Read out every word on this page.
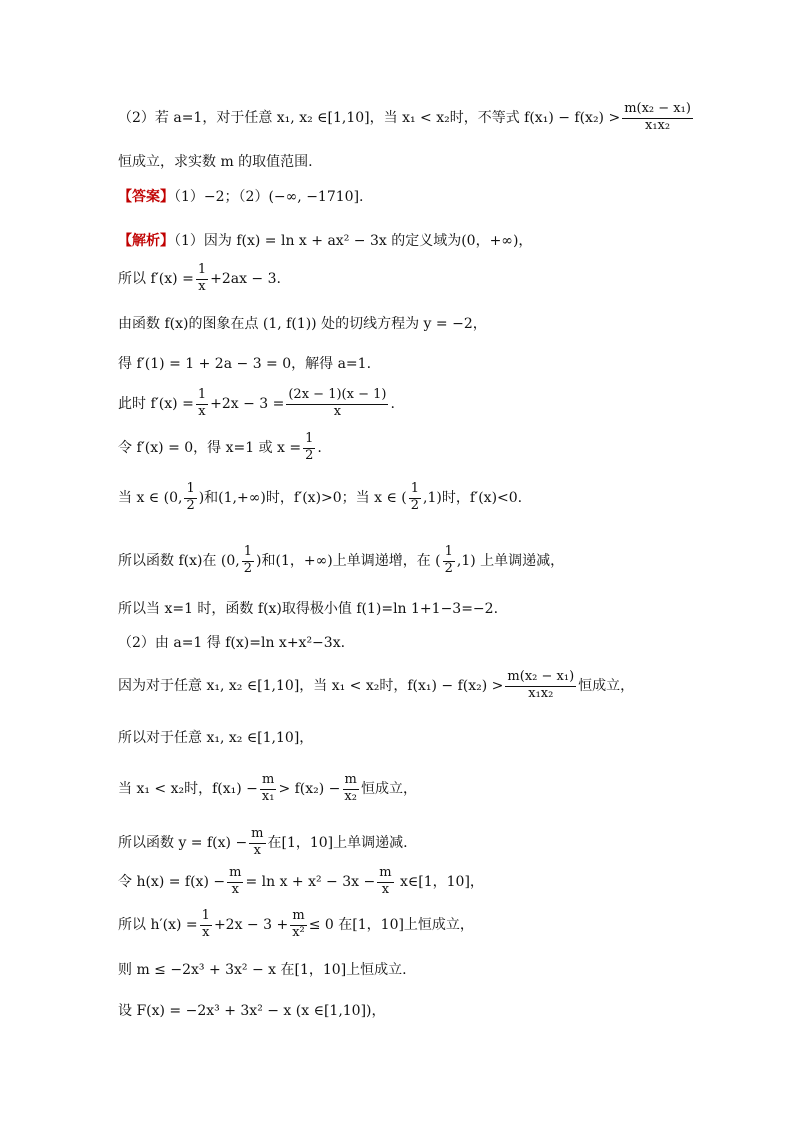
（2）若 a=1，对于任意 x₁, x₂ ∈[1,10]，当 x₁ < x₂时，不等式 $f(x_1) - f(x_2) > \frac{\text{m(x₂ − x₁)}}{\text{x₁x₂}}$
恒成立，求实数 m 的取值范围.
【答案】（1）−2；（2）(−∞, −1710].
【解析】（1）因为 f(x) = ln x + ax² − 3x 的定义域为(0，+∞)，
所以 $f'(x) = \frac{1}{x} +2ax - 3$.
由函数 f(x)的图象在点 (1, f(1)) 处的切线方程为 y = −2，
得 f′(1) = 1 + 2a − 3 = 0，解得 a=1.
此时 $f'(x) = \frac{1}{x} +2x - 3 = \frac{(2x - 1)(x - 1)}{x}$ .
令 f′(x) = 0，得 x=1 或 $x = \frac{1}{2}$ .
当 x ∈ (0, $\frac{1}{2}$ )和(1,+∞)时，f′(x)>0；当 x ∈ ( $\frac{1}{2} ,1$)时，f′(x)<0.
所以函数 f(x)在 (0, $\frac{1}{2}$ )和(1，+∞)上单调递增，在 ( $\frac{1}{2} ,1$) 上单调递减，
所以当 x=1 时，函数 f(x)取得极小值 f(1)=ln 1+1−3=−2.
（2）由 a=1 得 f(x)=ln x+x²−3x.
因为对于任意 x₁, x₂ ∈[1,10]，当 x₁ < x₂时，$f(x_1) - f(x_2) > \frac{\text{m(x₂ − x₁)}}{\text{x₁x₂}}$ 恒成立，
所以对于任意 x₁, x₂ ∈[1,10]，
当 x₁ < x₂时，$f(x_1) - \frac{m}{\text{x₁}} > f(x_2) - \frac{m}{\text{x₂}}$ 恒成立，
所以函数 $y = f(x) - \frac{m}{x}$ 在[1，10]上单调递减.
令 $h(x) = f(x) - \frac{m}{x} = \ln x + x^2 - 3x - \frac{m}{x}$ x∈[1，10]，
所以 $h'(x) = \frac{1}{x} +2x - 3 + \frac{m}{\text{x²}} \le 0$ 在[1，10]上恒成立，
则 m ≤ −2x³ + 3x² − x 在[1，10]上恒成立.
设 F(x) = −2x³ + 3x² − x (x ∈[1,10])，
